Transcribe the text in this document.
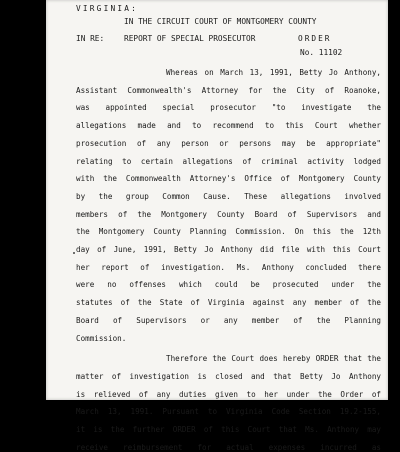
VIRGINIA:

IN THE CIRCUIT COURT OF MONTGOMERY COUNTY

IN RE:	REPORT OF SPECIAL PROSECUTOR	ORDER

No. 11102

Whereas on March 13, 1991, Betty Jo Anthony,

Assistant Commonwealth's Attorney for the City of Roanoke,

was appointed special prosecutor "to investigate the

allegations made and to recommend to this Court whether

prosecution of any person or persons may be appropriate"

relating to certain allegations of criminal activity lodged

with the Commonwealth Attorney's Office of Montgomery County

by the group Common Cause. These allegations involved

members of the Montgomery County Board of Supervisors and

the Montgomery County Planning Commission. On this the 12th

day of June, 1991, Betty Jo Anthony did file with this Court

her report of investigation. Ms. Anthony concluded there

were no offenses which could be prosecuted under the

statutes of the State of Virginia against any member of the

Board of Supervisors or any member of the Planning

Commission.

Therefore the Court does hereby ORDER that the

matter of investigation is closed and that Betty Jo Anthony

is relieved of any duties given to her under the Order of

March 13, 1991. Pursuant to Virginia Code Section 19.2-155,

it is the further ORDER of this Court that Ms. Anthony may

receive reimbursement for actual expenses incurred as
